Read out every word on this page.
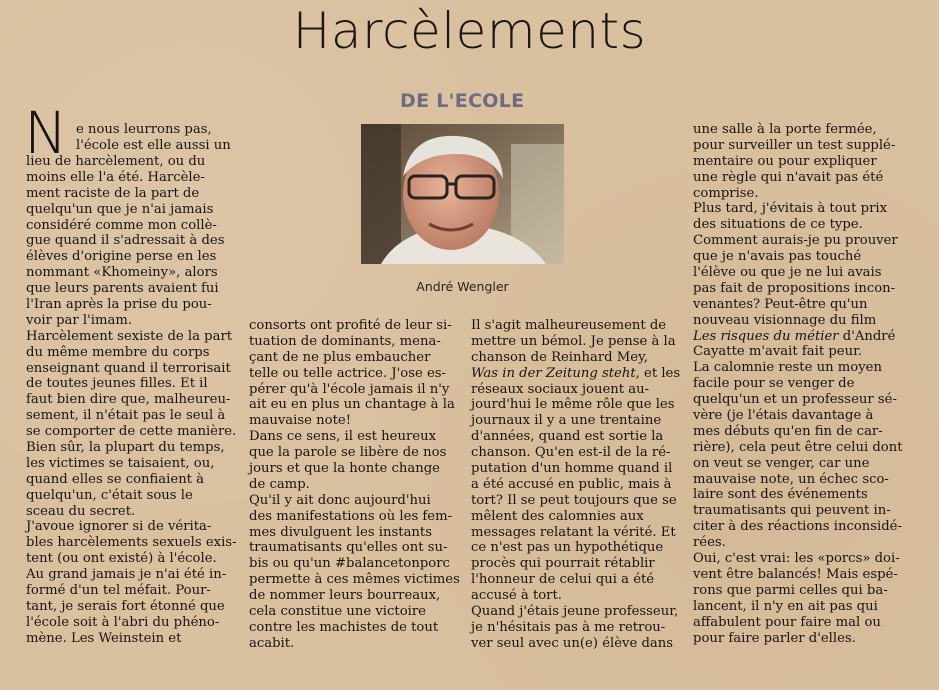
Harcèlements
DE L'ECOLE
André Wengler
N e nous leurrons pas,
l'école est elle aussi un
lieu de harcèlement, ou du
moins elle l'a été. Harcèle-
ment raciste de la part de
quelqu'un que je n'ai jamais
considéré comme mon collè-
gue quand il s'adressait à des
élèves d'origine perse en les
nommant «Khomeiny», alors
que leurs parents avaient fui
l'Iran après la prise du pou-
voir par l'imam.
Harcèlement sexiste de la part
du même membre du corps
enseignant quand il terrorisait
de toutes jeunes filles. Et il
faut bien dire que, malheureu-
sement, il n'était pas le seul à
se comporter de cette manière.
Bien sûr, la plupart du temps,
les victimes se taisaient, ou,
quand elles se confiaient à
quelqu'un, c'était sous le
sceau du secret.
J'avoue ignorer si de vérita-
bles harcèlements sexuels exis-
tent (ou ont existé) à l'école.
Au grand jamais je n'ai été in-
formé d'un tel méfait. Pour-
tant, je serais fort étonné que
l'école soit à l'abri du phéno-
mène. Les Weinstein et
consorts ont profité de leur si-
tuation de dominants, mena-
çant de ne plus embaucher
telle ou telle actrice. J'ose es-
pérer qu'à l'école jamais il n'y
ait eu en plus un chantage à la
mauvaise note!
Dans ce sens, il est heureux
que la parole se libère de nos
jours et que la honte change
de camp.
Qu'il y ait donc aujourd'hui
des manifestations où les fem-
mes divulguent les instants
traumatisants qu'elles ont su-
bis ou qu'un #balancetonporc
permette à ces mêmes victimes
de nommer leurs bourreaux,
cela constitue une victoire
contre les machistes de tout
acabit.
Il s'agit malheureusement de
mettre un bémol. Je pense à la
chanson de Reinhard Mey,
Was in der Zeitung steht, et les
réseaux sociaux jouent au-
jourd'hui le même rôle que les
journaux il y a une trentaine
d'années, quand est sortie la
chanson. Qu'en est-il de la ré-
putation d'un homme quand il
a été accusé en public, mais à
tort? Il se peut toujours que se
mêlent des calomnies aux
messages relatant la vérité. Et
ce n'est pas un hypothétique
procès qui pourrait rétablir
l'honneur de celui qui a été
accusé à tort.
Quand j'étais jeune professeur,
je n'hésitais pas à me retrou-
ver seul avec un(e) élève dans
une salle à la porte fermée,
pour surveiller un test supplé-
mentaire ou pour expliquer
une règle qui n'avait pas été
comprise.
Plus tard, j'évitais à tout prix
des situations de ce type.
Comment aurais-je pu prouver
que je n'avais pas touché
l'élève ou que je ne lui avais
pas fait de propositions incon-
venantes? Peut-être qu'un
nouveau visionnage du film
Les risques du métier d'André
Cayatte m'avait fait peur.
La calomnie reste un moyen
facile pour se venger de
quelqu'un et un professeur sé-
vère (je l'étais davantage à
mes débuts qu'en fin de car-
rière), cela peut être celui dont
on veut se venger, car une
mauvaise note, un échec sco-
laire sont des événements
traumatisants qui peuvent in-
citer à des réactions inconsidé-
rées.
Oui, c'est vrai: les «porcs» doi-
vent être balancés! Mais espé-
rons que parmi celles qui ba-
lancent, il n'y en ait pas qui
affabulent pour faire mal ou
pour faire parler d'elles.
